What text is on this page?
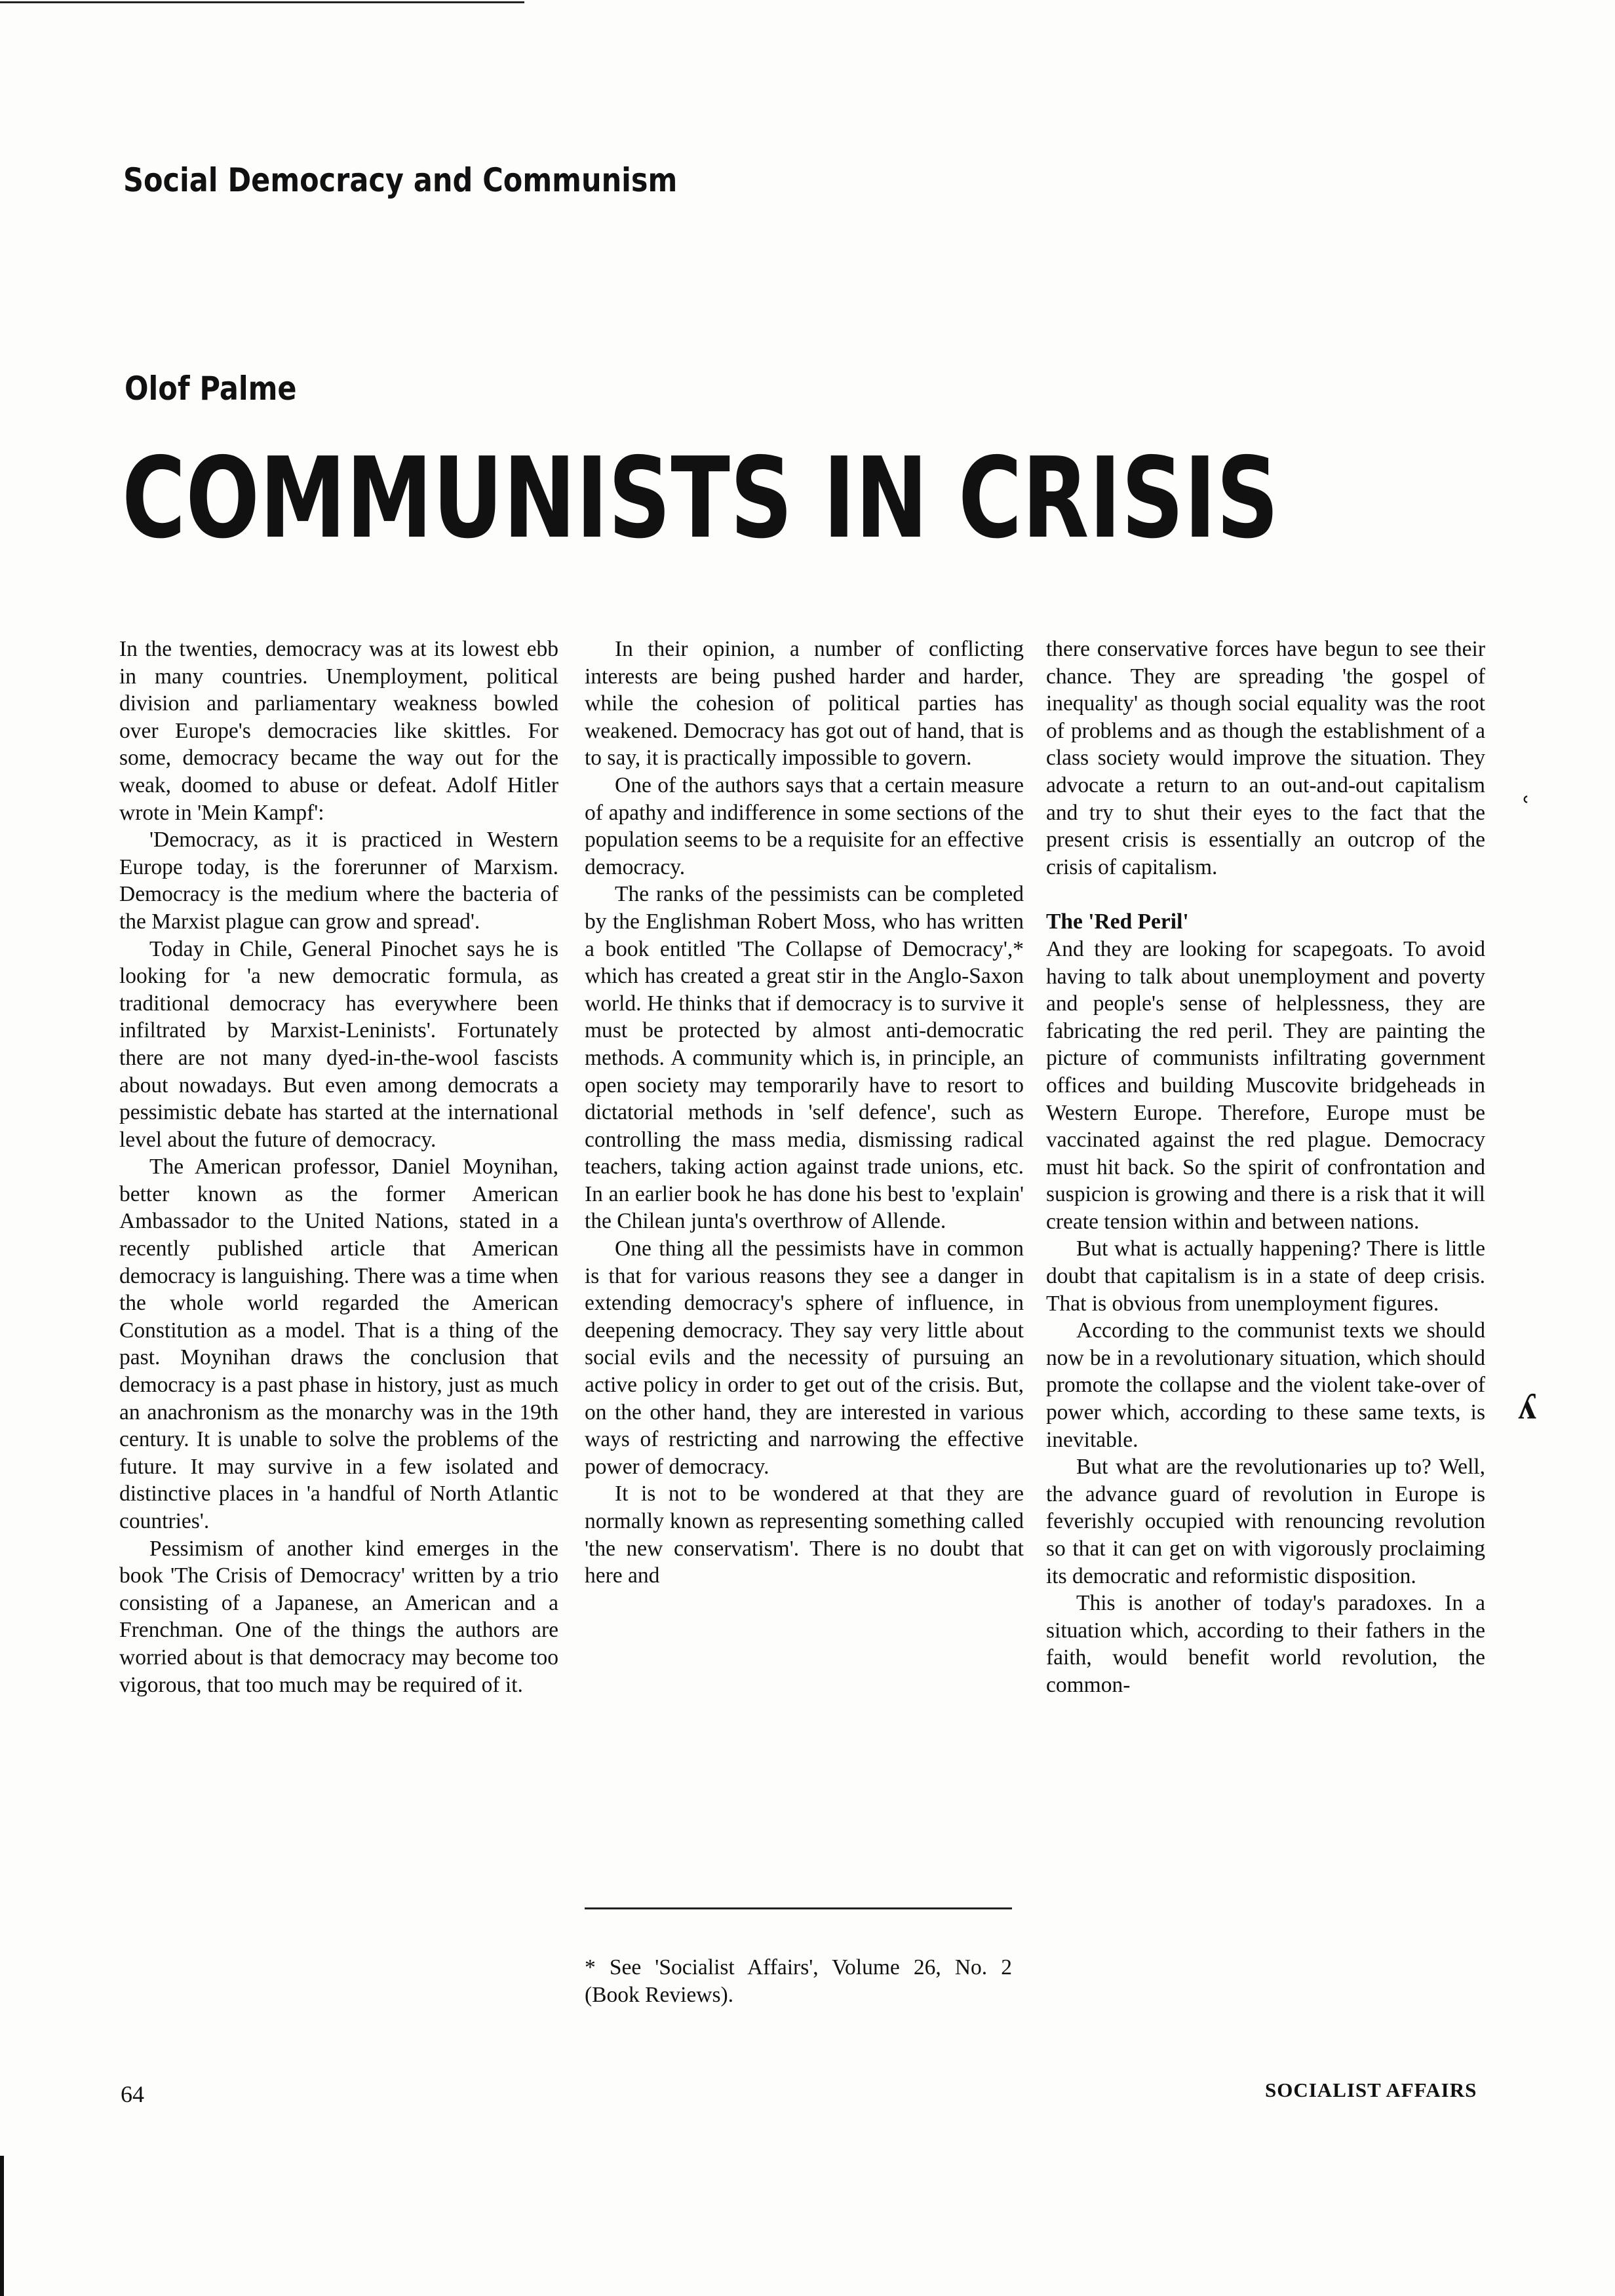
Social Democracy and Communism
Olof Palme
COMMUNISTS IN CRISIS

In the twenties, democracy was at its lowest ebb in many countries. Unemployment, political division and parliamentary weakness bowled over Europe's democracies like skittles. For some, democracy became the way out for the weak, doomed to abuse or defeat. Adolf Hitler wrote in 'Mein Kampf':

'Democracy, as it is practiced in Western Europe today, is the forerunner of Marxism. Democracy is the medium where the bacteria of the Marxist plague can grow and spread'.

Today in Chile, General Pinochet says he is looking for 'a new democratic formula, as traditional democracy has everywhere been infiltrated by Marxist-Leninists'. Fortunately there are not many dyed-in-the-wool fascists about nowadays. But even among democrats a pessimistic debate has started at the international level about the future of democracy.

The American professor, Daniel Moynihan, better known as the former American Ambassador to the United Nations, stated in a recently published article that American democracy is languishing. There was a time when the whole world regarded the American Constitution as a model. That is a thing of the past. Moynihan draws the conclusion that democracy is a past phase in history, just as much an anachronism as the monarchy was in the 19th century. It is unable to solve the problems of the future. It may survive in a few isolated and distinctive places in 'a handful of North Atlantic countries'.

Pessimism of another kind emerges in the book 'The Crisis of Democracy' written by a trio consisting of a Japanese, an American and a Frenchman. One of the things the authors are worried about is that democracy may become too vigorous, that too much may be required of it.

In their opinion, a number of conflicting interests are being pushed harder and harder, while the cohesion of political parties has weakened. Democracy has got out of hand, that is to say, it is practically impossible to govern.

One of the authors says that a certain measure of apathy and indifference in some sections of the population seems to be a requisite for an effective democracy.

The ranks of the pessimists can be completed by the Englishman Robert Moss, who has written a book entitled 'The Collapse of Democracy',* which has created a great stir in the Anglo-Saxon world. He thinks that if democracy is to survive it must be protected by almost anti-democratic methods. A community which is, in principle, an open society may temporarily have to resort to dictatorial methods in 'self defence', such as controlling the mass media, dismissing radical teachers, taking action against trade unions, etc. In an earlier book he has done his best to 'explain' the Chilean junta's overthrow of Allende.

One thing all the pessimists have in common is that for various reasons they see a danger in extending democracy's sphere of influence, in deepening democracy. They say very little about social evils and the necessity of pursuing an active policy in order to get out of the crisis. But, on the other hand, they are interested in various ways of restricting and narrowing the effective power of democracy.

It is not to be wondered at that they are normally known as representing something called 'the new conservatism'. There is no doubt that here and

there conservative forces have begun to see their chance. They are spreading 'the gospel of inequality' as though social equality was the root of problems and as though the establishment of a class society would improve the situation. They advocate a return to an out-and-out capitalism and try to shut their eyes to the fact that the present crisis is essentially an outcrop of the crisis of capitalism.

The 'Red Peril'

And they are looking for scapegoats. To avoid having to talk about unemployment and poverty and people's sense of helplessness, they are fabricating the red peril. They are painting the picture of communists infiltrating government offices and building Muscovite bridgeheads in Western Europe. Therefore, Europe must be vaccinated against the red plague. Democracy must hit back. So the spirit of confrontation and suspicion is growing and there is a risk that it will create tension within and between nations.

But what is actually happening? There is little doubt that capitalism is in a state of deep crisis. That is obvious from unemployment figures.

According to the communist texts we should now be in a revolutionary situation, which should promote the collapse and the violent take-over of power which, according to these same texts, is inevitable.

But what are the revolutionaries up to? Well, the advance guard of revolution in Europe is feverishly occupied with renouncing revolution so that it can get on with vigorously proclaiming its democratic and reformistic disposition.

This is another of today's paradoxes. In a situation which, according to their fathers in the faith, would benefit world revolution, the common-

* See 'Socialist Affairs', Volume 26, No. 2 (Book Reviews).

64	SOCIALIST AFFAIRS

ʿ
ʎ
